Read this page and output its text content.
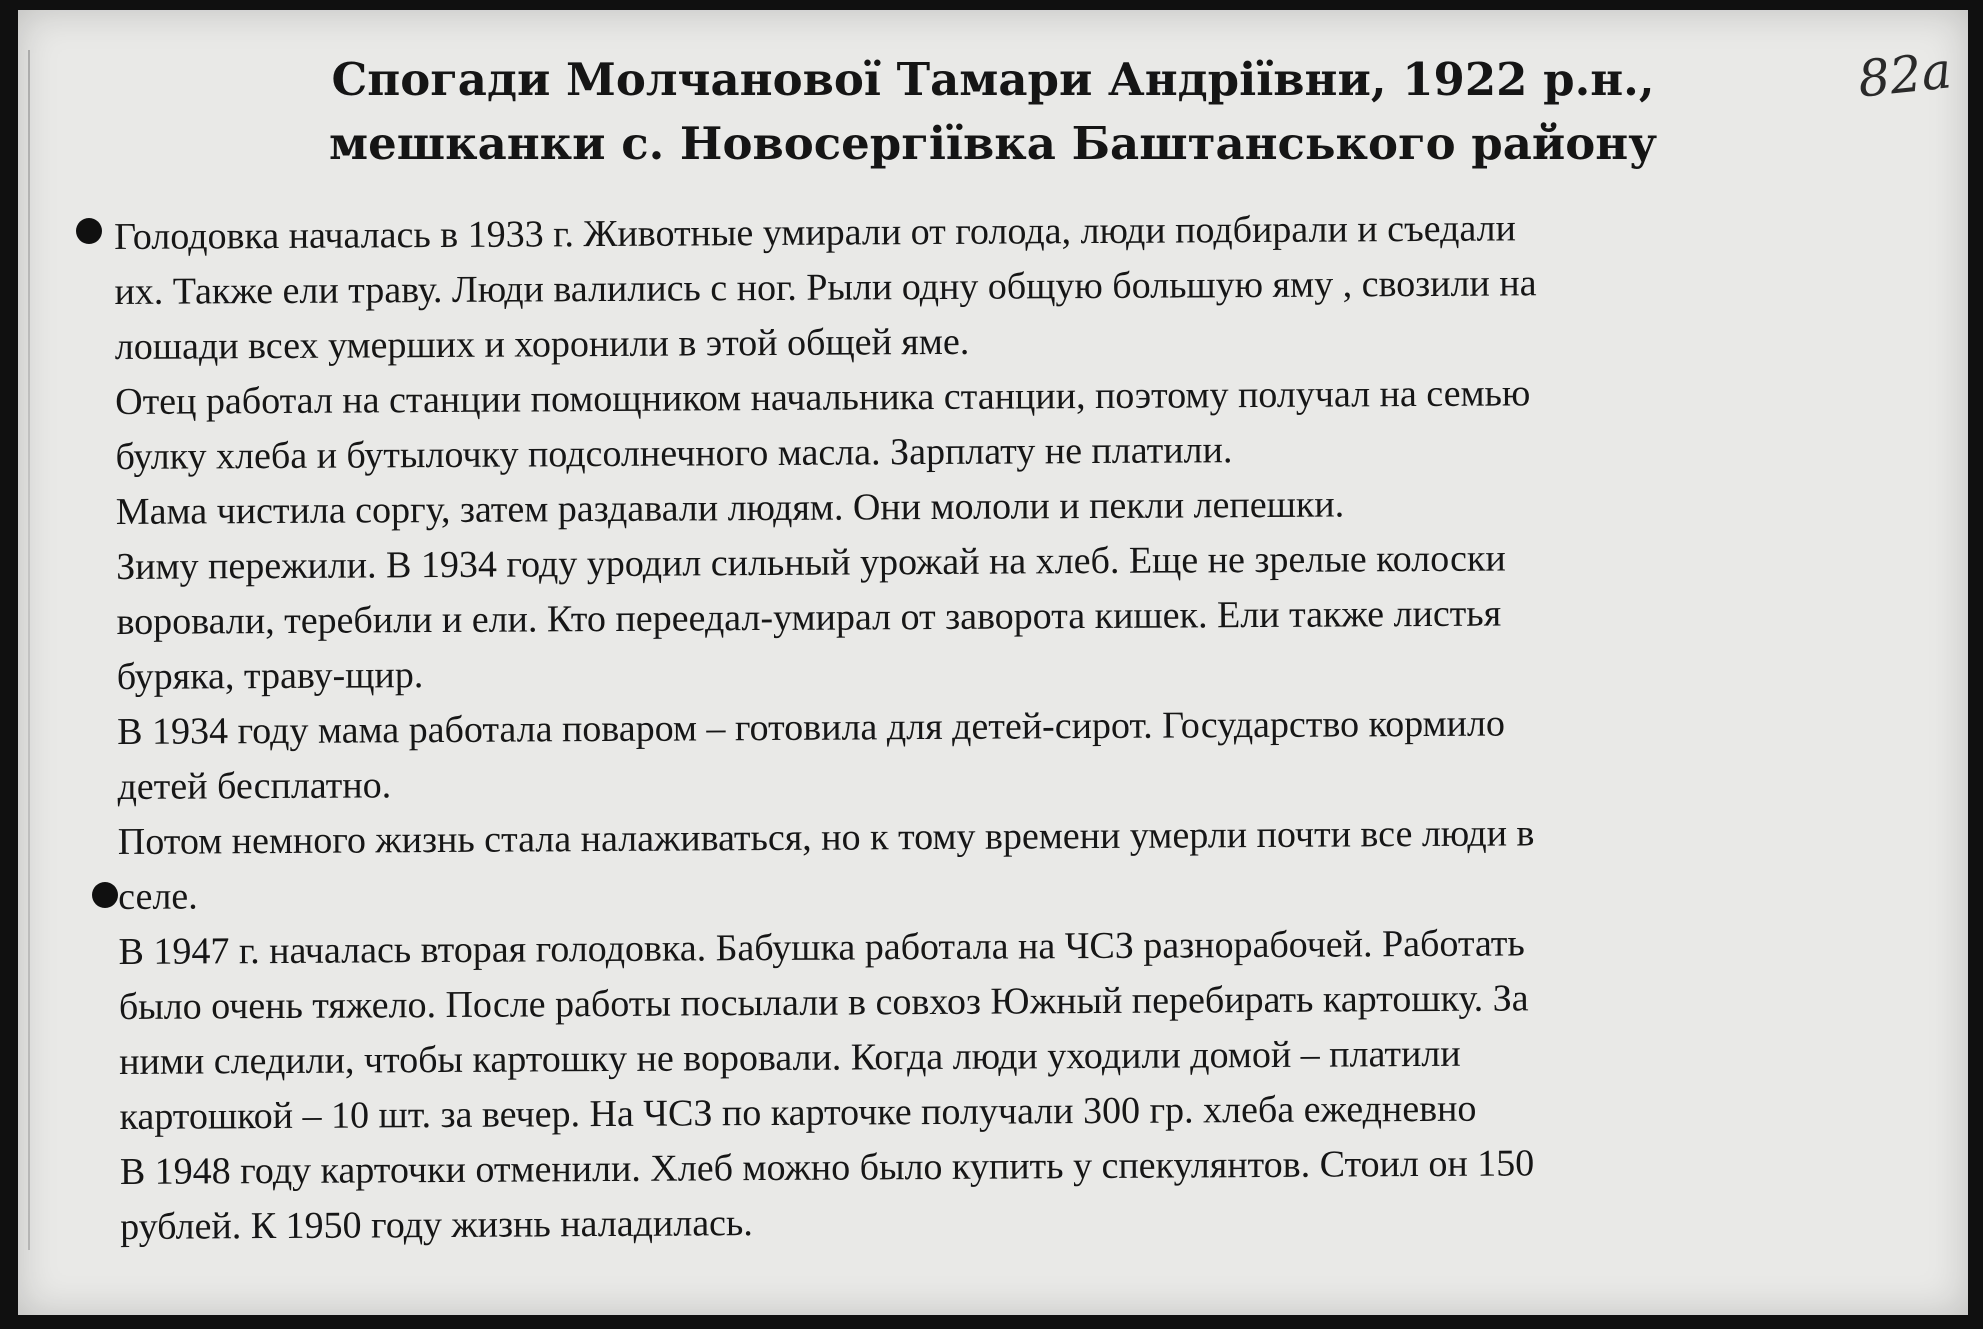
Спогади Молчанової Тамари Андріївни, 1922 р.н.,
мешканки с. Новосергіївка Баштанського району
82а
Голодовка началась в 1933 г. Животные умирали от голода, люди подбирали и съедали
их. Также ели траву. Люди валились с ног. Рыли одну общую большую яму , свозили на
лошади всех умерших и хоронили в этой общей яме.
Отец работал на станции помощником начальника станции, поэтому получал на семью
булку хлеба и бутылочку подсолнечного масла. Зарплату не платили.
Мама чистила соргу, затем раздавали людям. Они мололи и пекли лепешки.
Зиму пережили. В 1934 году уродил сильный урожай на хлеб. Еще не зрелые колоски
воровали, теребили и ели. Кто переедал-умирал от заворота кишек. Ели также листья
буряка, траву-щир.
В 1934 году мама работала поваром – готовила для детей-сирот. Государство кормило
детей бесплатно.
Потом немного жизнь стала налаживаться, но к тому времени умерли почти все люди в
селе.
В 1947 г. началась вторая голодовка. Бабушка работала на ЧСЗ разнорабочей. Работать
было очень тяжело. После работы посылали в совхоз Южный перебирать картошку. За
ними следили, чтобы картошку не воровали. Когда люди уходили домой – платили
картошкой – 10 шт. за вечер. На ЧСЗ по карточке получали 300 гр. хлеба ежедневно
В 1948 году карточки отменили. Хлеб можно было купить у спекулянтов. Стоил он 150
рублей. К 1950 году жизнь наладилась.
